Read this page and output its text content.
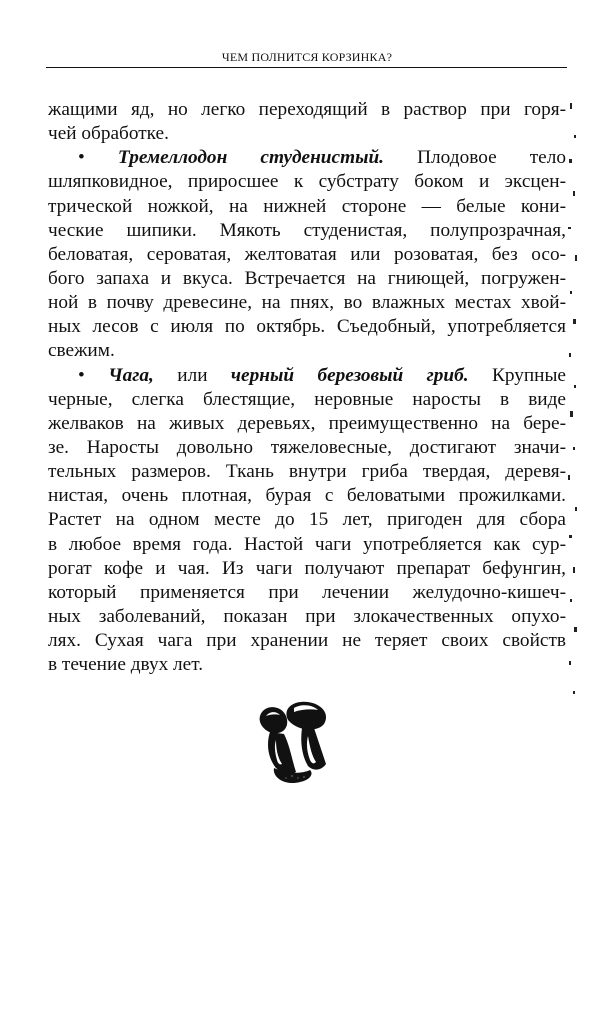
ЧЕМ ПОЛНИТСЯ КОРЗИНКА?
жащими яд, но легко переходящий в раствор при горя-
чей обработке.
• Тремеллодон студенистый. Плодовое тело
шляпковидное, приросшее к субстрату боком и эксцен-
трической ножкой, на нижней стороне — белые кони-
ческие шипики. Мякоть студенистая, полупрозрачная,
беловатая, сероватая, желтоватая или розоватая, без осо-
бого запаха и вкуса. Встречается на гниющей, погружен-
ной в почву древесине, на пнях, во влажных местах хвой-
ных лесов с июля по октябрь. Съедобный, употребляется
свежим.
• Чага, или черный березовый гриб. Крупные
черные, слегка блестящие, неровные наросты в виде
желваков на живых деревьях, преимущественно на бере-
зе. Наросты довольно тяжеловесные, достигают значи-
тельных размеров. Ткань внутри гриба твердая, деревя-
нистая, очень плотная, бурая с беловатыми прожилками.
Растет на одном месте до 15 лет, пригоден для сбора
в любое время года. Настой чаги употребляется как сур-
рогат кофе и чая. Из чаги получают препарат бефунгин,
который применяется при лечении желудочно-кишеч-
ных заболеваний, показан при злокачественных опухо-
лях. Сухая чага при хранении не теряет своих свойств
в течение двух лет.
